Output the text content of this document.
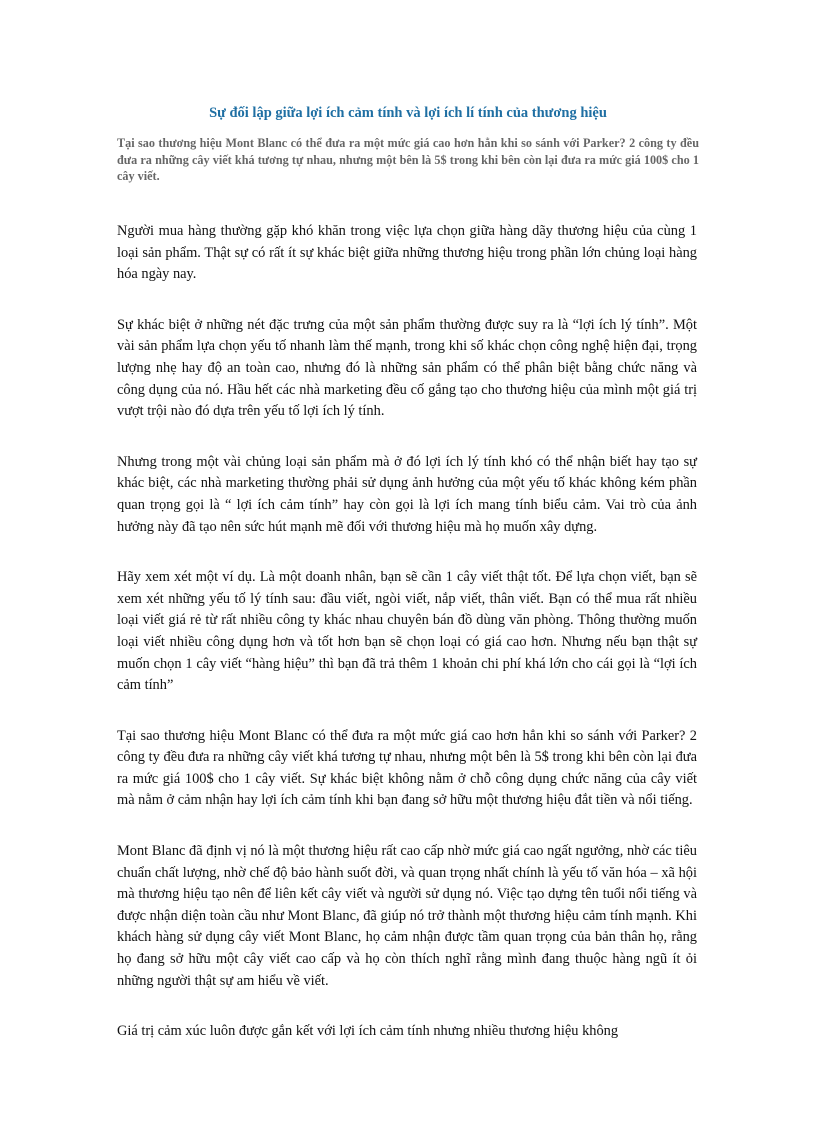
Sự đối lập giữa lợi ích cảm tính và lợi ích lí tính của thương hiệu

Tại sao thương hiệu Mont Blanc có thể đưa ra một mức giá cao hơn hẳn khi so sánh với Parker? 2 công ty đều đưa ra những cây viết khá tương tự nhau, nhưng một bên là 5$ trong khi bên còn lại đưa ra mức giá 100$ cho 1 cây viết.

Người mua hàng thường gặp khó khăn trong việc lựa chọn giữa hàng dãy thương hiệu của cùng 1 loại sản phẩm. Thật sự có rất ít sự khác biệt giữa những thương hiệu trong phần lớn chủng loại hàng hóa ngày nay.

Sự khác biệt ở những nét đặc trưng của một sản phẩm thường được suy ra là “lợi ích lý tính”. Một vài sản phẩm lựa chọn yếu tố nhanh làm thế mạnh, trong khi số khác chọn công nghệ hiện đại, trọng lượng nhẹ hay độ an toàn cao, nhưng đó là những sản phẩm có thể phân biệt bằng chức năng và công dụng của nó. Hầu hết các nhà marketing đều cố gắng tạo cho thương hiệu của mình một giá trị vượt trội nào đó dựa trên yếu tố lợi ích lý tính.

Nhưng trong một vài chủng loại sản phẩm mà ở đó lợi ích lý tính khó có thể nhận biết hay tạo sự khác biệt, các nhà marketing thường phải sử dụng ảnh hưởng của một yếu tố khác không kém phần quan trọng gọi là “ lợi ích cảm tính” hay còn gọi là lợi ích mang tính biểu cảm. Vai trò của ảnh hưởng này đã tạo nên sức hút mạnh mẽ đối với thương hiệu mà họ muốn xây dựng.

Hãy xem xét một ví dụ. Là một doanh nhân, bạn sẽ cần 1 cây viết thật tốt. Để lựa chọn viết, bạn sẽ xem xét những yếu tố lý tính sau: đầu viết, ngòi viết, nắp viết, thân viết. Bạn có thể mua rất nhiều loại viết giá rẻ từ rất nhiều công ty khác nhau chuyên bán đồ dùng văn phòng. Thông thường muốn loại viết nhiều công dụng hơn và tốt hơn bạn sẽ chọn loại có giá cao hơn. Nhưng nếu bạn thật sự muốn chọn 1 cây viết “hàng hiệu” thì bạn đã trả thêm 1 khoản chi phí khá lớn cho cái gọi là “lợi ích cảm tính”

Tại sao thương hiệu Mont Blanc có thể đưa ra một mức giá cao hơn hẳn khi so sánh với Parker? 2 công ty đều đưa ra những cây viết khá tương tự nhau, nhưng một bên là 5$ trong khi bên còn lại đưa ra mức giá 100$ cho 1 cây viết. Sự khác biệt không nằm ở chỗ công dụng chức năng của cây viết mà nằm ở cảm nhận hay lợi ích cảm tính khi bạn đang sở hữu một thương hiệu đắt tiền và nổi tiếng.

Mont Blanc đã định vị nó là một thương hiệu rất cao cấp nhờ mức giá cao ngất ngưởng, nhờ các tiêu chuẩn chất lượng, nhờ chế độ bảo hành suốt đời, và quan trọng nhất chính là yếu tố văn hóa – xã hội mà thương hiệu tạo nên để liên kết cây viết và người sử dụng nó. Việc tạo dựng tên tuổi nổi tiếng và được nhận diện toàn cầu như Mont Blanc, đã giúp nó trở thành một thương hiệu cảm tính mạnh. Khi khách hàng sử dụng cây viết Mont Blanc, họ cảm nhận được tầm quan trọng của bản thân họ, rằng họ đang sở hữu một cây viết cao cấp và họ còn thích nghĩ rằng mình đang thuộc hàng ngũ ít ỏi những người thật sự am hiểu về viết.

Giá trị cảm xúc luôn được gắn kết với lợi ích cảm tính nhưng nhiều thương hiệu không
